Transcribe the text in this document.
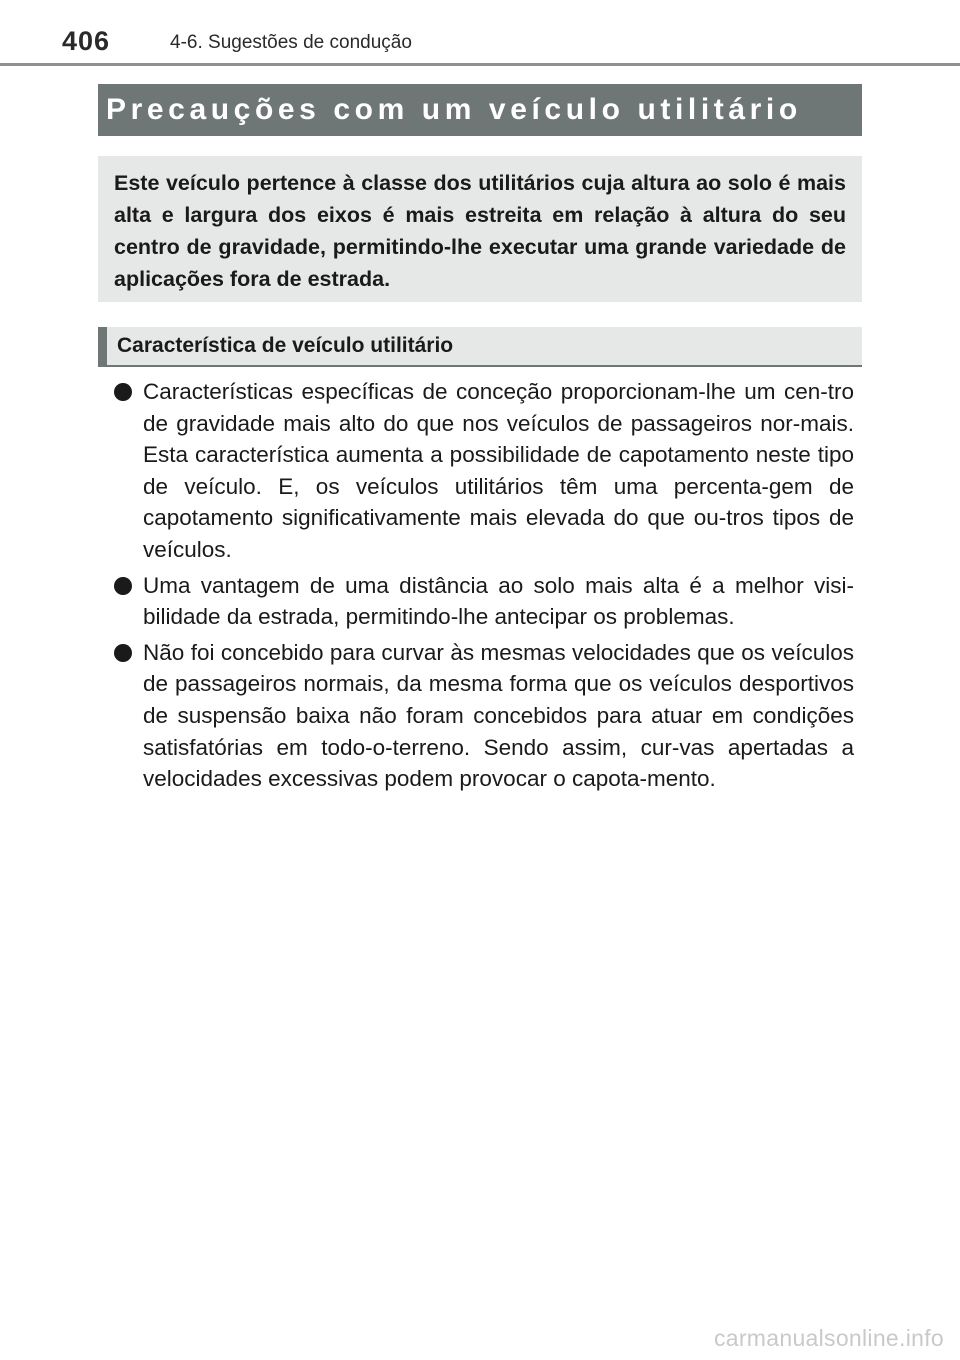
406	4-6. Sugestões de condução
Precauções com um veículo utilitário

Este veículo pertence à classe dos utilitários cuja altura ao solo é mais alta e largura dos eixos é mais estreita em relação à altura do seu centro de gravidade, permitindo-lhe executar uma grande variedade de aplicações fora de estrada.

Característica de veículo utilitário
Características específicas de conceção proporcionam-lhe um cen-tro de gravidade mais alto do que nos veículos de passageiros nor-mais. Esta característica aumenta a possibilidade de capotamento neste tipo de veículo. E, os veículos utilitários têm uma percenta-gem de capotamento significativamente mais elevada do que ou-tros tipos de veículos.
Uma vantagem de uma distância ao solo mais alta é a melhor visi-bilidade da estrada, permitindo-lhe antecipar os problemas.
Não foi concebido para curvar às mesmas velocidades que os veículos de passageiros normais, da mesma forma que os veículos desportivos de suspensão baixa não foram concebidos para atuar em condições satisfatórias em todo-o-terreno. Sendo assim, cur-vas apertadas a velocidades excessivas podem provocar o capota-mento.
carmanualsonline.info
